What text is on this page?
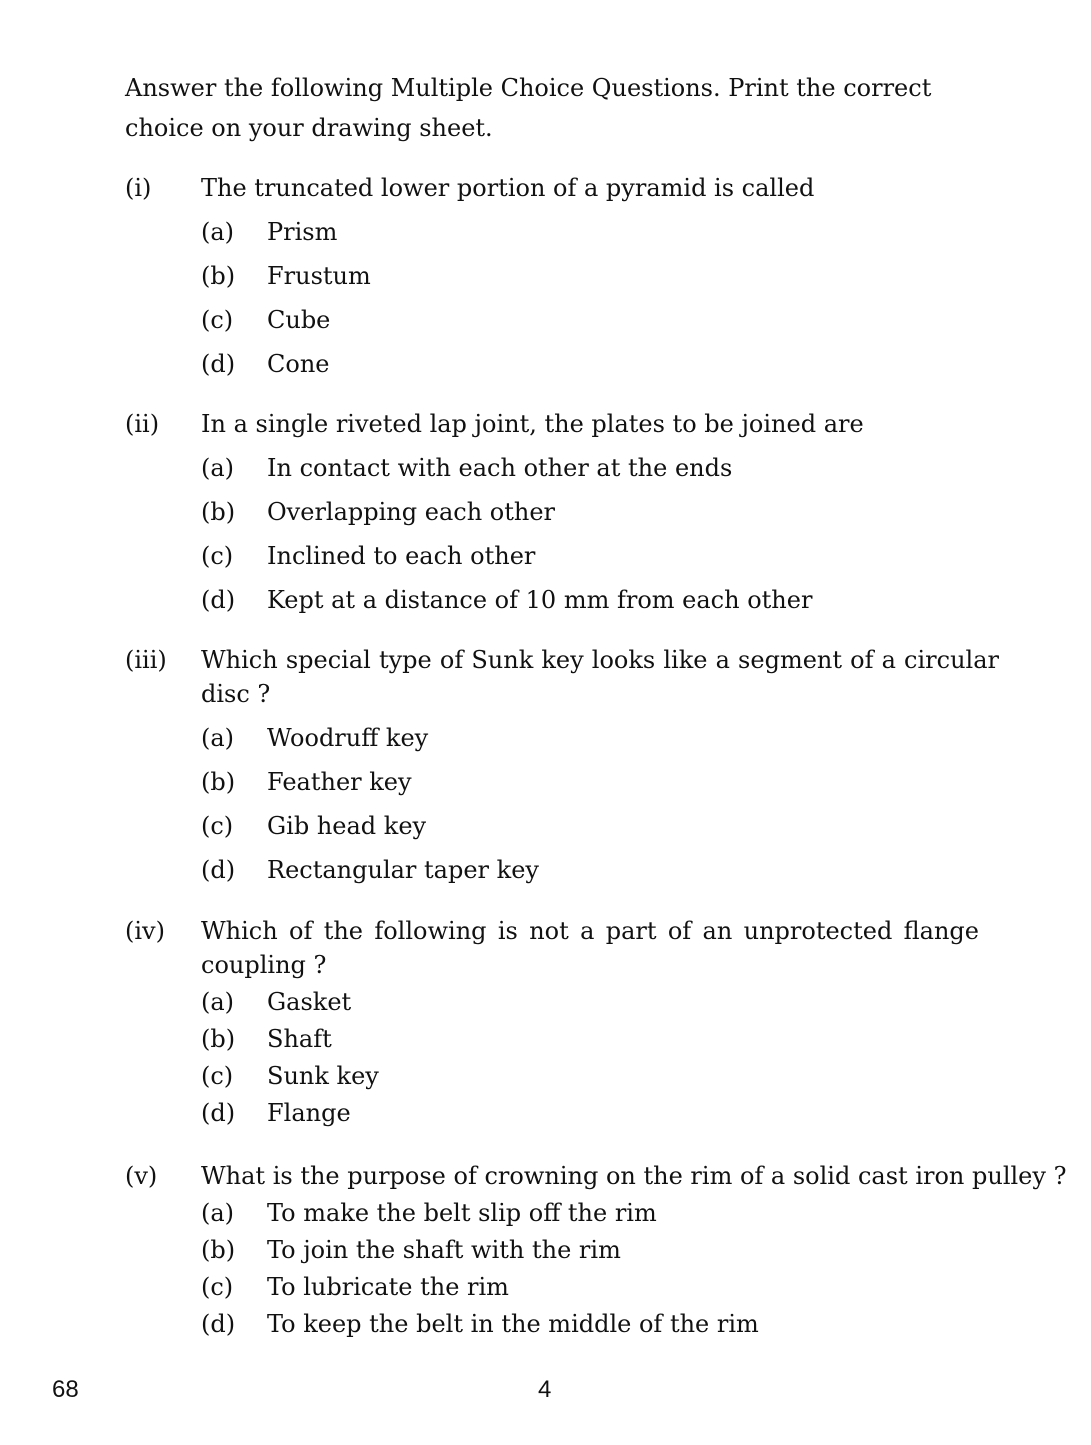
Answer the following Multiple Choice Questions. Print the correct choice on your drawing sheet.

(i) The truncated lower portion of a pyramid is called
(a) Prism
(b) Frustum
(c) Cube
(d) Cone
(ii) In a single riveted lap joint, the plates to be joined are
(a) In contact with each other at the ends
(b) Overlapping each other
(c) Inclined to each other
(d) Kept at a distance of 10 mm from each other
(iii) Which special type of Sunk key looks like a segment of a circular
disc ?
(a) Woodruff key
(b) Feather key
(c) Gib head key
(d) Rectangular taper key
(iv) Which of the following is not a part of an unprotected flange
coupling ?
(a) Gasket
(b) Shaft
(c) Sunk key
(d) Flange
(v) What is the purpose of crowning on the rim of a solid cast iron pulley ?
(a) To make the belt slip off the rim
(b) To join the shaft with the rim
(c) To lubricate the rim
(d) To keep the belt in the middle of the rim
68	4
